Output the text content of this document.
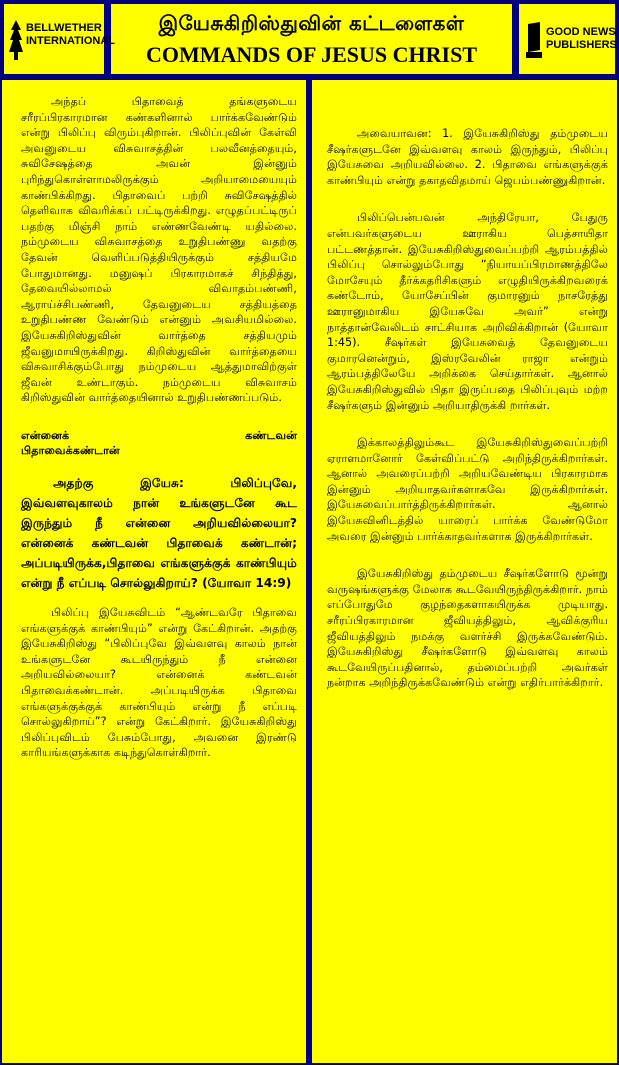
BELLWETHER
INTERNATIONAL
இயேசுகிறிஸ்துவின் கட்டளைகள்
COMMANDS OF JESUS CHRIST
GOOD NEWS
PUBLISHERS

அந்தப் பிதாவைத் தங்களுடைய சரீரப்பிரகாரமான கண்களினால் பார்க்கவேண்டும் என்று பிலிப்பு விரும்புகிறான். பிலிப்புவின் கேள்வி அவனுடைய விசுவாசத்தின் பலவீனத்தையும், சுவிசேஷத்தை அவன் இன்னும் புரிந்துகொள்ளாமலிருக்கும் அறியாமையையும் காண்பிக்கிறது. பிதாவைப் பற்றி சுவிசேஷத்தில் தெளிவாக விவரிக்கப் பட்டிருக்கிறது. எழுதப்பட்டிருப் பதற்கு மிஞ்சி நாம் எண்ணவேண்டி யதில்லை. நம்முடைய விசுவாசத்தை உறுதிபண்ணு வதற்கு தேவன் வெளிப்படுத்தியிருக்கும் சத்தியமே போதுமானது. மனுஷப் பிரகாரமாகச் சிந்தித்து, தேவையில்லாமல் விவாதம்பண்ணி, ஆராய்ச்சிபண்ணி, தேவனுடைய சத்தியத்தை உறுதிபண்ண வேண்டும் என்னும் அவசியமில்லை. இயேசுகிறிஸ்துவின் வார்த்தை சத்தியமும் ஜீவனுமாயிருக்கிறது. கிறிஸ்துவின் வார்த்தையை விசுவாசிக்கும்போது நம்முடைய ஆத்துமாவிற்குள் ஜீவன் உண்டாகும். நம்முடைய விசுவாசம் கிறிஸ்துவின் வார்த்தையினால் உறுதிபண்ணப்படும்.

என்னைக் கண்டவன்
பிதாவைக்கண்டான்
அதற்கு இயேசு: பிலிப்புவே, இவ்வளவுகாலம் நான் உங்களுடனே கூட இருந்தும் நீ என்னை அறியவில்லையா? என்னைக் கண்டவன் பிதாவைக் கண்டான்; அப்படியிருக்க,பிதாவை எங்களுக்குக் காண்பியும் என்று நீ எப்படி சொல்லுகிறாய்? (யோவா 14:9)

பிலிப்பு இயேசுவிடம் “ஆண்டவரே பிதாவை எங்களுக்குக் காண்பியும்” என்று கேட்கிறான். அதற்கு இயேசுகிறிஸ்து “பிலிப்புவே இவ்வளவு காலம் நான் உங்களுடனே கூடயிருந்தும் நீ என்னை அறியவில்லையா? என்னைக் கண்டவன் பிதாவைக்கண்டான். அப்படியிருக்க பிதாவை எங்களுக்குக்குக் காண்பியும் என்று நீ எப்படி சொல்லுகிறாய்”? என்று கேட்கிறார். இயேசுகிறிஸ்து பிலிப்புவிடம் பேசும்போது, அவனை இரண்டு காரியங்களுக்காக கடிந்துகொள்கிறார்.

அவையாவன: 1. இயேசுகிறிஸ்து தம்முடைய சீஷர்களுடனே இவ்வளவு காலம் இருந்தும், பிலிப்பு இயேசுவை அறியவில்லை. 2. பிதாவை எங்களுக்குக் காண்பியும் என்று தகாதவிதமாய் ஜெபம்பண்ணுகிறான்.

பிலிப்பென்பவன் அந்திரேயா, பேதுரு என்பவர்களுடைய ஊராகிய பெத்சாயிதா பட்டணத்தான். இயேசுகிறிஸ்துவைப்பற்றி ஆரம்பத்தில் பிலிப்பு சொல்லும்போது “நியாயப்பிரமாணத்திலே மோசேயும் தீர்க்கதரிசிகளும் எழுதியிருக்கிறவரைக் கண்டோம், யோசேப்பின் குமாரனும் நாசரேத்து ஊரானுமாகிய இயேசுவே அவர்” என்று நாத்தான்வேலிடம் சாட்சியாக அறிவிக்கிறான் (யோவா 1:45). சீஷர்கள் இயேசுவைத் தேவனுடைய குமாரனென்றும், இஸ்ரவேலின் ராஜா என்றும் ஆரம்பத்திலேயே அறிக்கை செய்தார்கள். ஆனால் இயேசுகிறிஸ்துவில் பிதா இருப்பதை பிலிப்புவும் மற்ற சீஷர்களும் இன்னும் அறியாதிருக்கி றார்கள்.

இக்காலத்திலும்கூட இயேசுகிறிஸ்துவைப்பற்றி ஏராளமானோர் கேள்விப்பட்டு அறிந்திருக்கிறார்கள். ஆனால் அவரைப்பற்றி அறியவேண்டிய பிரகாரமாக இன்னும் அறியாதவர்களாகவே இருக்கிறார்கள். இயேசுவைப்பார்த்திருக்கிறார்கள். ஆனால் இயேசுவினிடத்தில் யாரைப் பார்க்க வேண்டுமோ அவரை இன்னும் பார்க்காதவர்களாக இருக்கிறார்கள்.

இயேசுகிறிஸ்து தம்முடைய சீஷர்களோடு மூன்று வருஷங்களுக்கு மேலாக கூடவேயிருந்திருக்கிறார். நாம் எப்போதுமே குழந்தைகளாகயிருக்க முடியாது. சரீரப்பிரகாரமான ஜீவியத்திலும், ஆவிக்குரிய ஜீவியத்திலும் நமக்கு வளர்ச்சி இருக்கவேண்டும். இயேசுகிறிஸ்து சீஷர்களோடு இவ்வளவு காலம் கூடவேயிருப்பதினால், தம்மைப்பற்றி அவர்கள் நன்றாக அறிந்திருக்கவேண்டும் என்று எதிர்பார்க்கிறார்.
